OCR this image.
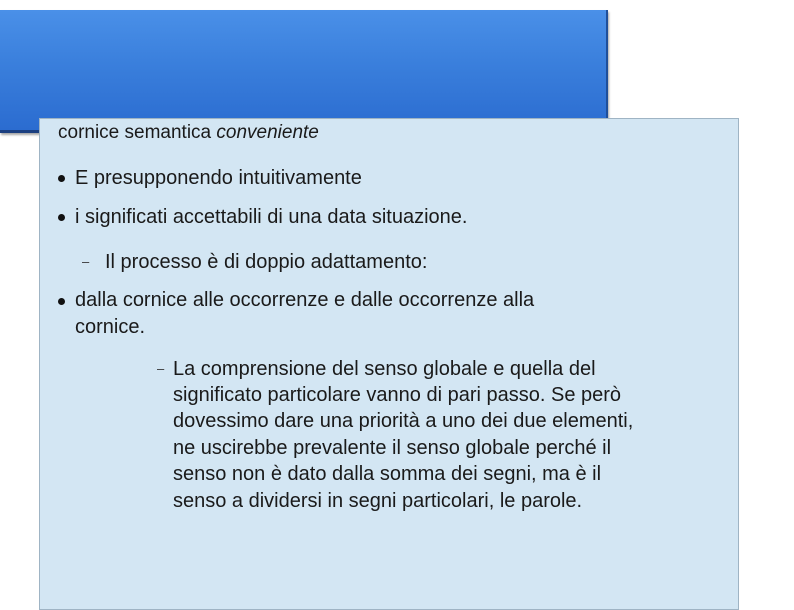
cornice semantica conveniente
E presupponendo intuitivamente
i significati accettabili di una data situazione.
– Il processo è di doppio adattamento:
dalla cornice alle occorrenze e dalle occorrenze alla
cornice.
– La comprensione del senso globale e quella del
significato particolare vanno di pari passo. Se però
dovessimo dare una priorità a uno dei due elementi,
ne uscirebbe prevalente il senso globale perché il
senso non è dato dalla somma dei segni, ma è il
senso a dividersi in segni particolari, le parole.
